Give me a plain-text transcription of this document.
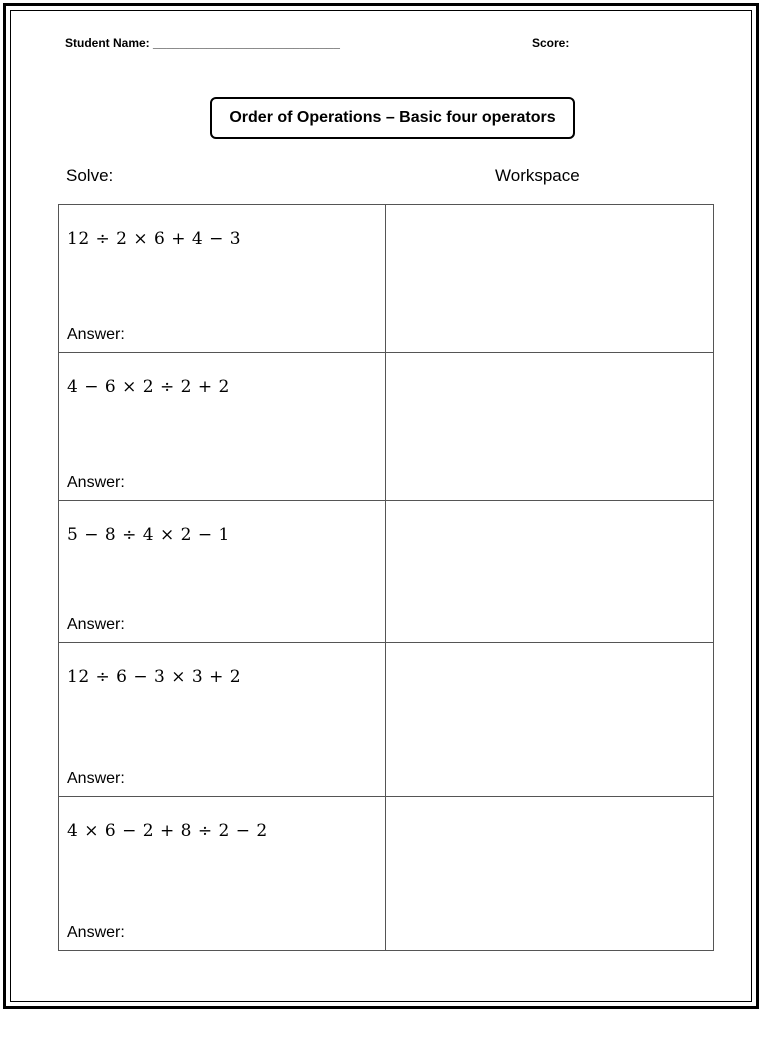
Student Name: ____________________________	Score:
Order of Operations – Basic four operators
Solve:	Workspace
12 ÷ 2 × 6 + 4 − 3
Answer:	

4 − 6 × 2 ÷ 2 + 2
Answer:	

5 − 8 ÷ 4 × 2 − 1
Answer:	

12 ÷ 6 − 3 × 3 + 2
Answer:	

4 × 6 − 2 + 8 ÷ 2 − 2
Answer:	
